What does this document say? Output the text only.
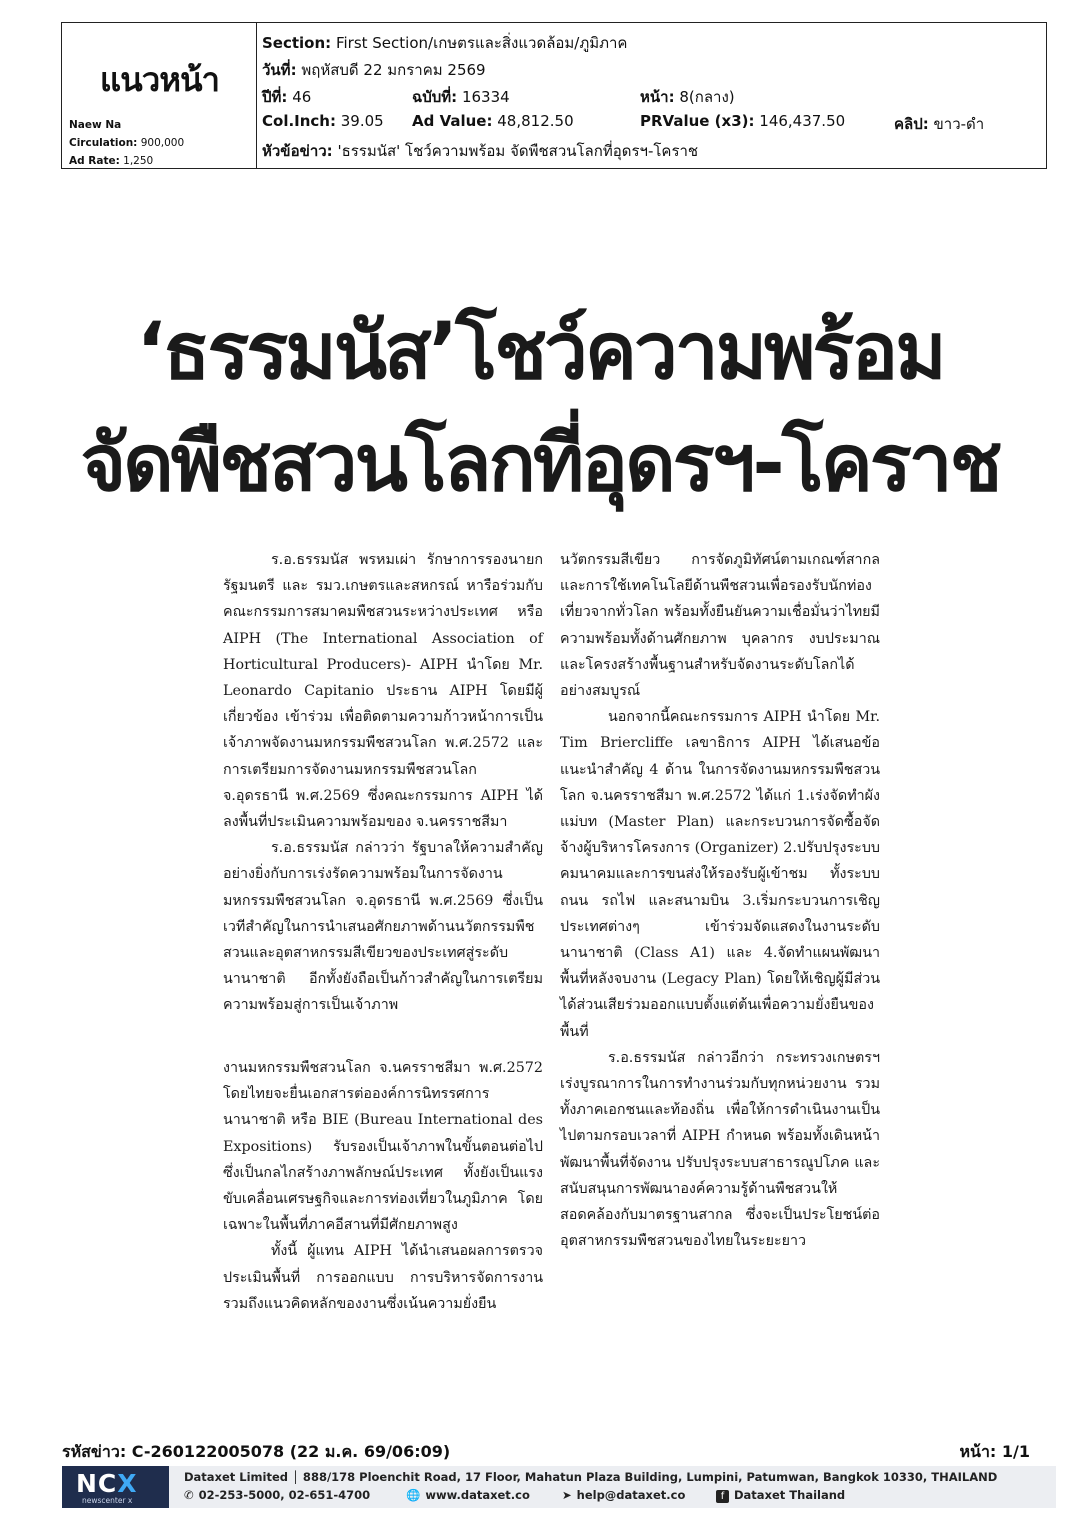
แนวหน้า
Naew Na
Circulation: 900,000
Ad Rate: 1,250
Section: First Section/เกษตรและสิ่งแวดล้อม/ภูมิภาค
วันที่: พฤหัสบดี 22 มกราคม 2569
ปีที่: 46	ฉบับที่: 16334	หน้า: 8(กลาง)
Col.Inch: 39.05 Ad Value: 48,812.50	PRValue (x3): 146,437.50	คลิป: ขาว-ดำ
หัวข้อข่าว: 'ธรรมนัส' โชว์ความพร้อม จัดพืชสวนโลกที่อุดรฯ-โคราช
‘ธรรมนัส’โชว์ความพร้อม
จัดพืชสวนโลกที่อุดรฯ-โคราช

ร.อ.ธรรมนัส พรหมเผ่า รักษาการรองนายกรัฐมนตรี และ รมว.เกษตรและสหกรณ์ หารือร่วมกับคณะกรรมการสมาคมพืชสวนระหว่างประเทศ หรือ AIPH (The International Association of Horticultural Producers)- AIPH นำโดย Mr. Leonardo Capitanio ประธาน AIPH โดยมีผู้เกี่ยวข้อง เข้าร่วม เพื่อติดตามความก้าวหน้าการเป็นเจ้าภาพจัดงานมหกรรมพืชสวนโลก พ.ศ.2572 และการเตรียมการจัดงานมหกรรมพืชสวนโลก จ.อุดรธานี พ.ศ.2569 ซึ่งคณะกรรมการ AIPH ได้ลงพื้นที่ประเมินความพร้อมของ จ.นครราชสีมา

ร.อ.ธรรมนัส กล่าวว่า รัฐบาลให้ความสำคัญอย่างยิ่งกับการเร่งรัดความพร้อมในการจัดงานมหกรรมพืชสวนโลก จ.อุดรธานี พ.ศ.2569 ซึ่งเป็นเวทีสำคัญในการนำเสนอศักยภาพด้านนวัตกรรมพืชสวนและอุตสาหกรรมสีเขียวของประเทศสู่ระดับนานาชาติ อีกทั้งยังถือเป็นก้าวสำคัญในการเตรียมความพร้อมสู่การเป็นเจ้าภาพ

งานมหกรรมพืชสวนโลก จ.นครราชสีมา พ.ศ.2572 โดยไทยจะยื่นเอกสารต่อองค์การนิทรรศการนานาชาติ หรือ BIE (Bureau International des Expositions) รับรองเป็นเจ้าภาพในขั้นตอนต่อไป ซึ่งเป็นกลไกสร้างภาพลักษณ์ประเทศ ทั้งยังเป็นแรงขับเคลื่อนเศรษฐกิจและการท่องเที่ยวในภูมิภาค โดยเฉพาะในพื้นที่ภาคอีสานที่มีศักยภาพสูง

ทั้งนี้ ผู้แทน AIPH ได้นำเสนอผลการตรวจประเมินพื้นที่ การออกแบบ การบริหารจัดการงาน รวมถึงแนวคิดหลักของงานซึ่งเน้นความยั่งยืน

นวัตกรรมสีเขียว การจัดภูมิทัศน์ตามเกณฑ์สากล และการใช้เทคโนโลยีด้านพืชสวนเพื่อรองรับนักท่องเที่ยวจากทั่วโลก พร้อมทั้งยืนยันความเชื่อมั่นว่าไทยมีความพร้อมทั้งด้านศักยภาพ บุคลากร งบประมาณ และโครงสร้างพื้นฐานสำหรับจัดงานระดับโลกได้อย่างสมบูรณ์

นอกจากนี้คณะกรรมการ AIPH นำโดย Mr. Tim Briercliffe เลขาธิการ AIPH ได้เสนอข้อแนะนำสำคัญ 4 ด้าน ในการจัดงานมหกรรมพืชสวนโลก จ.นครราชสีมา พ.ศ.2572 ได้แก่ 1.เร่งจัดทำผังแม่บท (Master Plan) และกระบวนการจัดซื้อจัดจ้างผู้บริหารโครงการ (Organizer) 2.ปรับปรุงระบบคมนาคมและการขนส่งให้รองรับผู้เข้าชม ทั้งระบบถนน รถไฟ และสนามบิน 3.เริ่มกระบวนการเชิญประเทศต่างๆ เข้าร่วมจัดแสดงในงานระดับนานาชาติ (Class A1) และ 4.จัดทำแผนพัฒนาพื้นที่หลังจบงาน (Legacy Plan) โดยให้เชิญผู้มีส่วนได้ส่วนเสียร่วมออกแบบตั้งแต่ต้นเพื่อความยั่งยืนของพื้นที่

ร.อ.ธรรมนัส กล่าวอีกว่า กระทรวงเกษตรฯ เร่งบูรณาการในการทำงานร่วมกับทุกหน่วยงาน รวมทั้งภาคเอกชนและท้องถิ่น เพื่อให้การดำเนินงานเป็นไปตามกรอบเวลาที่ AIPH กำหนด พร้อมทั้งเดินหน้าพัฒนาพื้นที่จัดงาน ปรับปรุงระบบสาธารณูปโภค และสนับสนุนการพัฒนาองค์ความรู้ด้านพืชสวนให้สอดคล้องกับมาตรฐานสากล ซึ่งจะเป็นประโยชน์ต่ออุตสาหกรรมพืชสวนของไทยในระยะยาว

รหัสข่าว: C-260122005078 (22 ม.ค. 69/06:09)	หน้า: 1/1
NCX
newscenter x
Dataxet Limited │ 888/178 Ploenchit Road, 17 Floor, Mahatun Plaza Building, Lumpini, Patumwan, Bangkok 10330, THAILAND
✆ 02-253-5000, 02-651-4700	🌐 www.dataxet.co	➤ help@dataxet.co	f Dataxet Thailand
